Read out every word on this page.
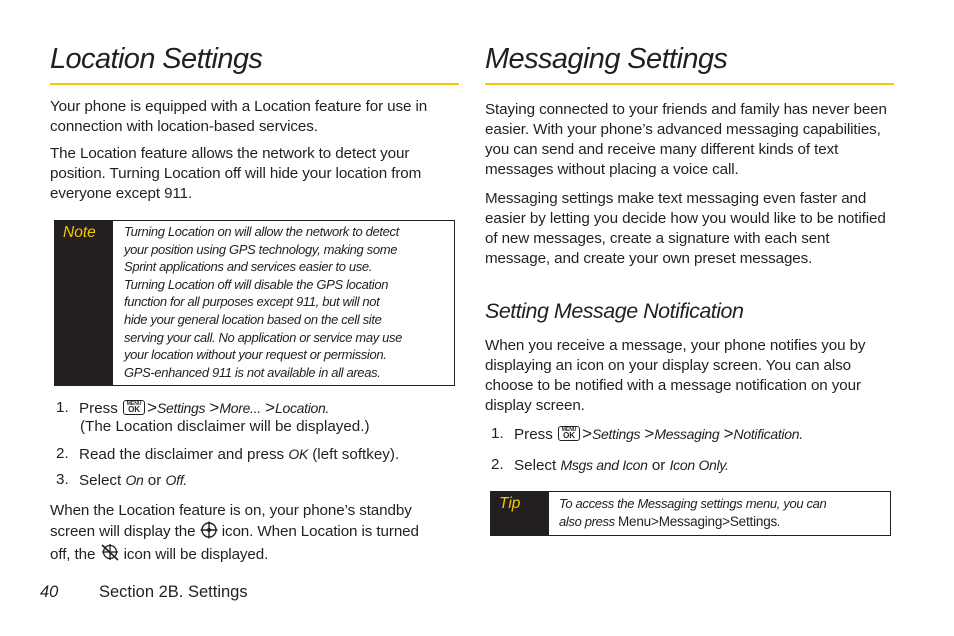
Location Settings

Your phone is equipped with a Location feature for use in connection with location-based services.

The Location feature allows the network to detect your position. Turning Location off will hide your location from everyone except 911.

Note	Turning Location on will allow the network to detect
your position using GPS technology, making some
Sprint applications and services easier to use.
Turning Location off will disable the GPS location
function for all purposes except 911, but will not
hide your general location based on the cell site
serving your call. No application or service may use
your location without your request or permission.
GPS-enhanced 911 is not available in all areas.
1. Press	MENU
OK >Settings >More... >Location.
(The Location disclaimer will be displayed.)
2. Read the disclaimer and press OK (left softkey).
3. Select On or Off.

When the Location feature is on, your phone’s standby
screen will display the icon. When Location is turned
off, the icon will be displayed.

Messaging Settings

Staying connected to your friends and family has never been easier. With your phone’s advanced messaging capabilities, you can send and receive many different kinds of text messages without placing a voice call.

Messaging settings make text messaging even faster and easier by letting you decide how you would like to be notified of new messages, create a signature with each sent message, and create your own preset messages.

Setting Message Notification

When you receive a message, your phone notifies you by displaying an icon on your display screen. You can also choose to be notified with a message notification on your display screen.

1. Press	MENU
OK >Settings >Messaging >Notification.
2. Select Msgs and Icon or Icon Only.
Tip	To access the Messaging settings menu, you can
also press Menu>Messaging>Settings.
40 Section 2B. Settings
